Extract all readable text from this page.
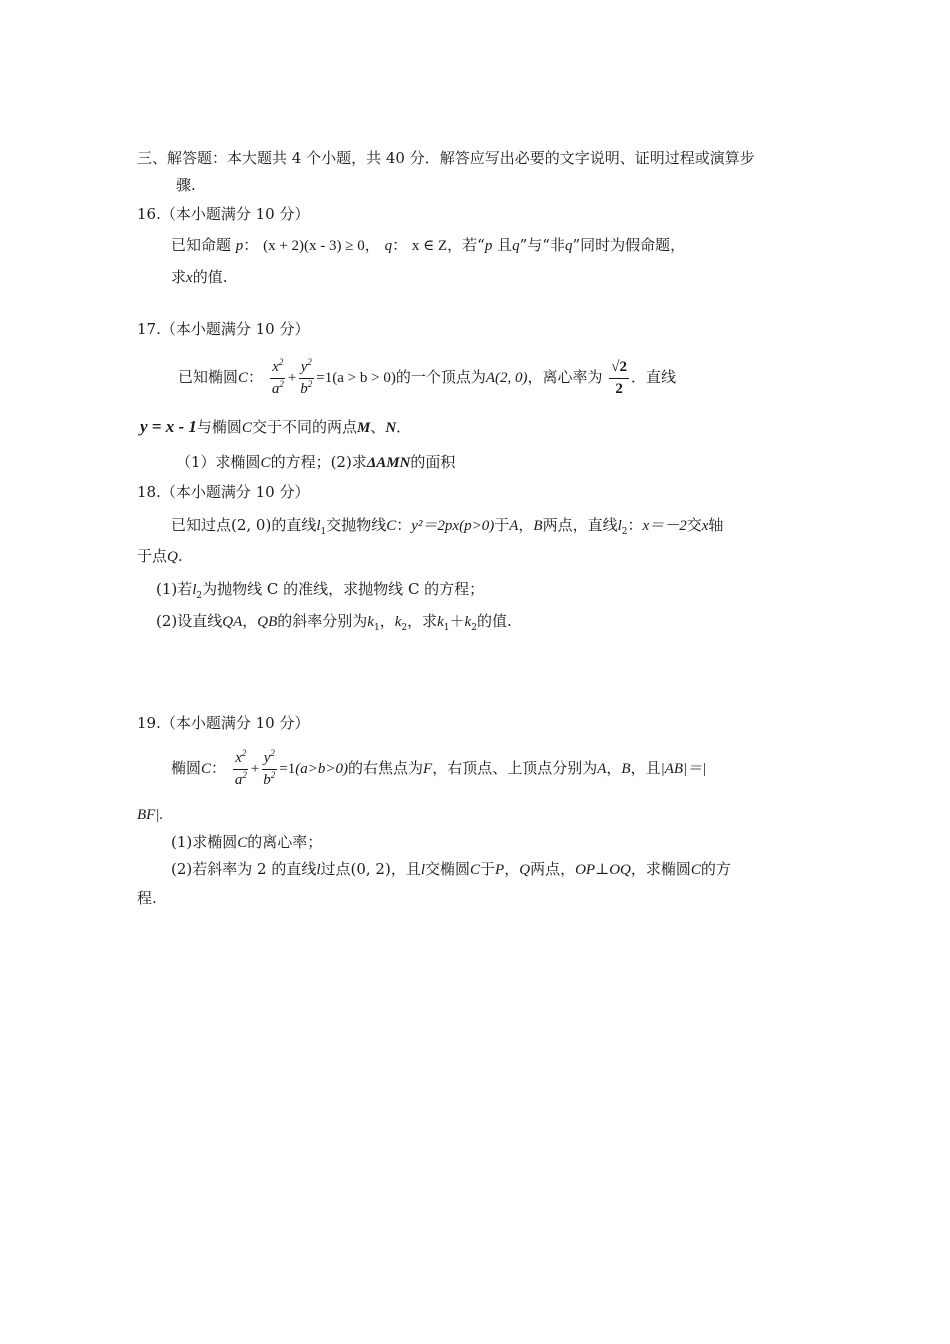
三、解答题：本大题共 4 个小题，共 40 分．解答应写出必要的文字说明、证明过程或演算步
骤.
16.（本小题满分 10 分）
已知命题 p： (x + 2)(x - 3) ≥ 0， q： x ∈ Z，若“p 且q”与“非q”同时为假命题，
求x的值.
17.（本小题满分 10 分）
已知椭圆C： $\frac{x^2}{a^2} + \frac{y^2}{b^2} =1(a > b > 0)$的一个顶点为A(2, 0)，离心率为 $\frac{√2}{2}$ ．直线
y = x - 1与椭圆C交于不同的两点M、N．
（1）求椭圆C的方程；(2)求ΔAMN的面积
18.（本小题满分 10 分）
已知过点(2, 0)的直线$l_1$交抛物线C：y²＝2px(p>0)于A，B两点，直线$l_2$：x＝－2交x轴
于点Q.
(1)若$l_2$为抛物线 C 的准线，求抛物线 C 的方程；
(2)设直线QA，QB的斜率分别为$k_1$，$k_2$，求$k_1+k_2$的值.
19.（本小题满分 10 分）
椭圆C： $\frac{x^2}{a^2} + \frac{y^2}{b^2} =1(a>b>0)$的右焦点为F，右顶点、上顶点分别为A，B，且|AB|＝|
BF|.
(1)求椭圆C的离心率；
(2)若斜率为 2 的直线l过点(0, 2)，且l交椭圆C于P，Q两点，OP⊥OQ，求椭圆C的方
程.
